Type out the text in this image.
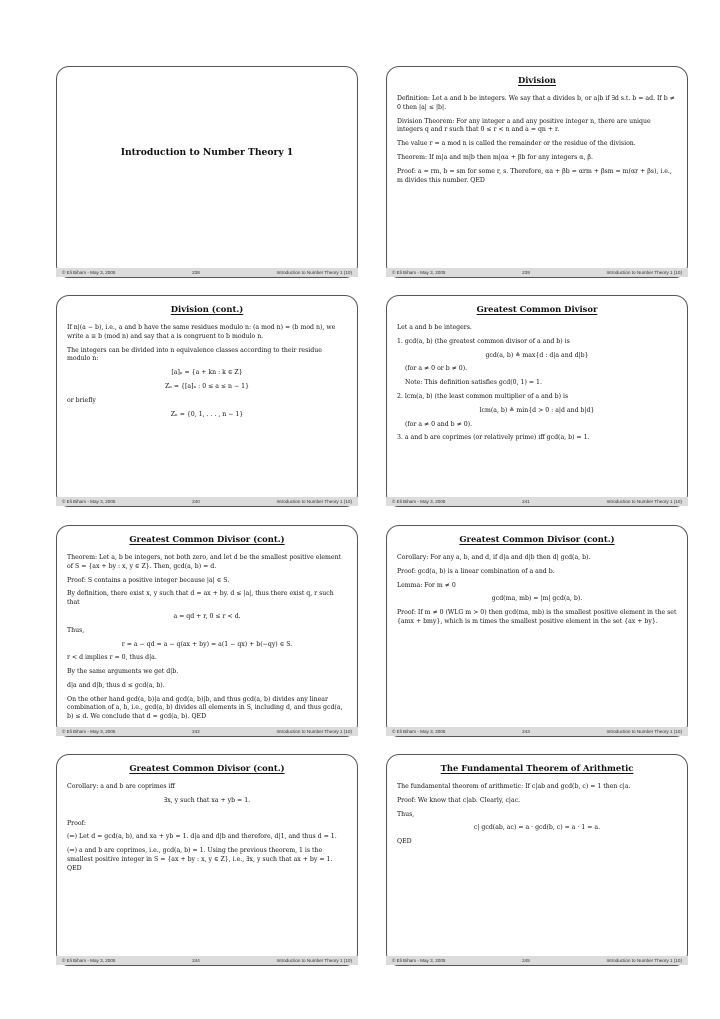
Introduction to Number Theory 1
© Eli Biham - May 3, 2005	238	Introduction to Number Theory 1 (10)
Division

Definition: Let a and b be integers. We say that a divides b, or a|b if ∃d s.t. b = ad. If b ≠ 0 then |a| ≤ |b|.

Division Theorem: For any integer a and any positive integer n, there are unique integers q and r such that 0 ≤ r < n and a = qn + r.

The value r = a mod n is called the remainder or the residue of the division.

Theorem: If m|a and m|b then m|αa + βb for any integers α, β.

Proof: a = rm, b = sm for some r, s. Therefore, αa + βb = αrm + βsm = m(αr + βs), i.e., m divides this number. QED

© Eli Biham - May 3, 2005	239	Introduction to Number Theory 1 (10)
Division (cont.)

If n|(a − b), i.e., a and b have the same residues modulo n: (a mod n) = (b mod n), we write a ≡ b (mod n) and say that a is congruent to b modulo n.

The integers can be divided into n equivalence classes according to their residue modulo n:

[a]ₙ = {a + kn : k ∈ Z}
Zₙ = {[a]ₙ : 0 ≤ a ≤ n − 1}

or briefly

Zₙ = {0, 1, . . . , n − 1}
© Eli Biham - May 3, 2005	240	Introduction to Number Theory 1 (10)
Greatest Common Divisor

Let a and b be integers.

1. gcd(a, b) (the greatest common divisor of a and b) is

gcd(a, b) ≜ max{d : d|a and d|b}

(for a ≠ 0 or b ≠ 0).

Note: This definition satisfies gcd(0, 1) = 1.

2. lcm(a, b) (the least common multiplier of a and b) is

lcm(a, b) ≜ min{d > 0 : a|d and b|d}

(for a ≠ 0 and b ≠ 0).

3. a and b are coprimes (or relatively prime) iff gcd(a, b) = 1.

© Eli Biham - May 3, 2005	241	Introduction to Number Theory 1 (10)
Greatest Common Divisor (cont.)

Theorem: Let a, b be integers, not both zero, and let d be the smallest positive element of S = {ax + by : x, y ∈ Z}. Then, gcd(a, b) = d.

Proof: S contains a positive integer because |a| ∈ S.

By definition, there exist x, y such that d = ax + by. d ≤ |a|, thus there exist q, r such that

a = qd + r, 0 ≤ r < d.

Thus,

r = a − qd = a − q(ax + by) = a(1 − qx) + b(−qy) ∈ S.

r < d implies r = 0, thus d|a.

By the same arguments we get d|b.

d|a and d|b, thus d ≤ gcd(a, b).

On the other hand gcd(a, b)|a and gcd(a, b)|b, and thus gcd(a, b) divides any linear combination of a, b, i.e., gcd(a, b) divides all elements in S, including d, and thus gcd(a, b) ≤ d. We conclude that d = gcd(a, b). QED

© Eli Biham - May 3, 2005	242	Introduction to Number Theory 1 (10)
Greatest Common Divisor (cont.)

Corollary: For any a, b, and d, if d|a and d|b then d| gcd(a, b).

Proof: gcd(a, b) is a linear combination of a and b.

Lemma: For m ≠ 0

gcd(ma, mb) = |m| gcd(a, b).

Proof: If m ≠ 0 (WLG m > 0) then gcd(ma, mb) is the smallest positive element in the set {amx + bmy}, which is m times the smallest positive element in the set {ax + by}.

© Eli Biham - May 3, 2005	243	Introduction to Number Theory 1 (10)
Greatest Common Divisor (cont.)

Corollary: a and b are coprimes iff

∃x, y such that xa + yb = 1.

Proof:

(⇐) Let d = gcd(a, b), and xa + yb = 1. d|a and d|b and therefore, d|1, and thus d = 1.

(⇒) a and b are coprimes, i.e., gcd(a, b) = 1. Using the previous theorem, 1 is the smallest positive integer in S = {ax + by : x, y ∈ Z}, i.e., ∃x, y such that ax + by = 1. QED

© Eli Biham - May 3, 2005	244	Introduction to Number Theory 1 (10)
The Fundamental Theorem of Arithmetic

The fundamental theorem of arithmetic: If c|ab and gcd(b, c) = 1 then c|a.

Proof: We know that c|ab. Clearly, c|ac.

Thus,

c| gcd(ab, ac) = a · gcd(b, c) = a · 1 = a.

QED

© Eli Biham - May 3, 2005	245	Introduction to Number Theory 1 (10)
